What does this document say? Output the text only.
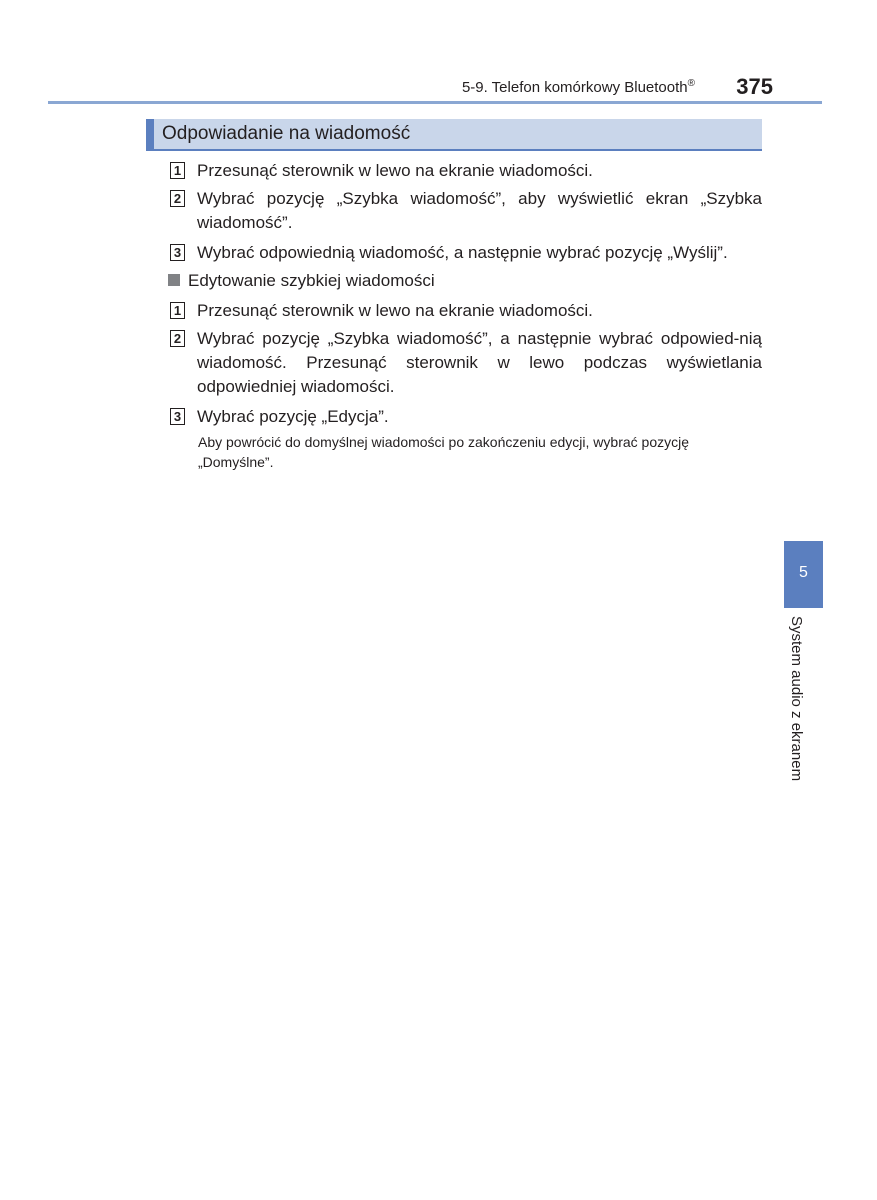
5-9. Telefon komórkowy Bluetooth® 375
Odpowiadanie na wiadomość
1 Przesunąć sterownik w lewo na ekranie wiadomości.
2 Wybrać pozycję „Szybka wiadomość”, aby wyświetlić ekran „Szybka wiadomość”.
3 Wybrać odpowiednią wiadomość, a następnie wybrać pozycję „Wyślij”.
Edytowanie szybkiej wiadomości
1 Przesunąć sterownik w lewo na ekranie wiadomości.
2 Wybrać pozycję „Szybka wiadomość”, a następnie wybrać odpowied-nią wiadomość. Przesunąć sterownik w lewo podczas wyświetlania odpowiedniej wiadomości.
3 Wybrać pozycję „Edycja”.
Aby powrócić do domyślnej wiadomości po zakończeniu edycji, wybrać pozycję „Domyślne”.
5
System audio z ekranem
